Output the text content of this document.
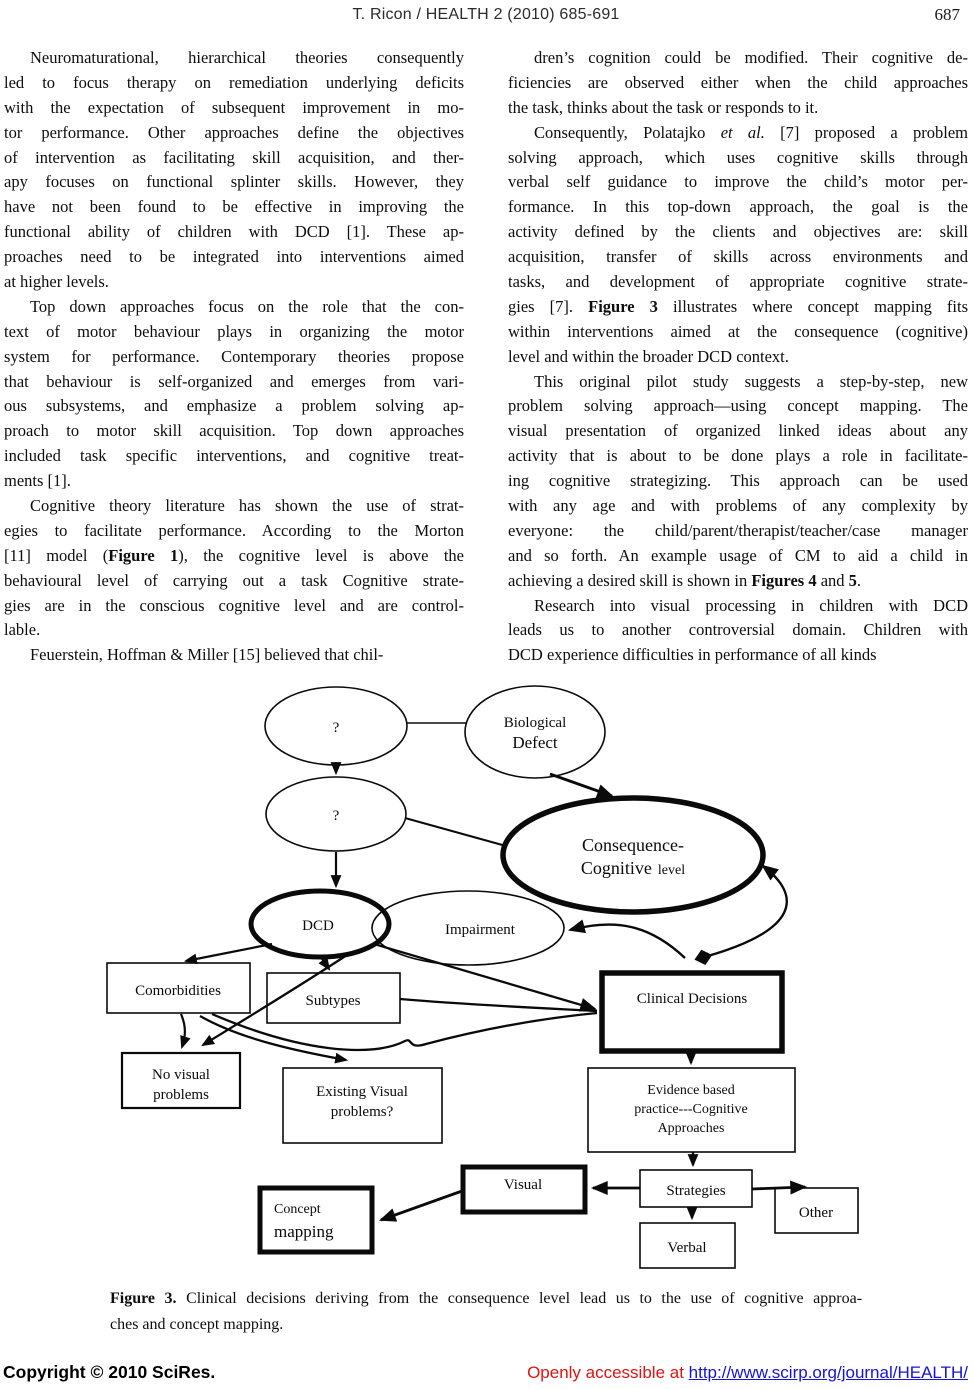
T. Ricon / HEALTH 2 (2010) 685-691	687
Neuromaturational, hierarchical theories consequently
led to focus therapy on remediation underlying deficits
with the expectation of subsequent improvement in mo-
tor performance. Other approaches define the objectives
of intervention as facilitating skill acquisition, and ther-
apy focuses on functional splinter skills. However, they
have not been found to be effective in improving the
functional ability of children with DCD [1]. These ap-
proaches need to be integrated into interventions aimed
at higher levels.
Top down approaches focus on the role that the con-
text of motor behaviour plays in organizing the motor
system for performance. Contemporary theories propose
that behaviour is self-organized and emerges from vari-
ous subsystems, and emphasize a problem solving ap-
proach to motor skill acquisition. Top down approaches
included task specific interventions, and cognitive treat-
ments [1].
Cognitive theory literature has shown the use of strat-
egies to facilitate performance. According to the Morton
[11] model (Figure 1), the cognitive level is above the
behavioural level of carrying out a task Cognitive strate-
gies are in the conscious cognitive level and are control-
lable.
Feuerstein, Hoffman & Miller [15] believed that chil-
dren’s cognition could be modified. Their cognitive de-
ficiencies are observed either when the child approaches
the task, thinks about the task or responds to it.
Consequently, Polatajko et al. [7] proposed a problem
solving approach, which uses cognitive skills through
verbal self guidance to improve the child’s motor per-
formance. In this top-down approach, the goal is the
activity defined by the clients and objectives are: skill
acquisition, transfer of skills across environments and
tasks, and development of appropriate cognitive strate-
gies [7]. Figure 3 illustrates where concept mapping fits
within interventions aimed at the consequence (cognitive)
level and within the broader DCD context.
This original pilot study suggests a step-by-step, new
problem solving approach—using concept mapping. The
visual presentation of organized linked ideas about any
activity that is about to be done plays a role in facilitate-
ing cognitive strategizing. This approach can be used
with any age and with problems of any complexity by
everyone: the child/parent/therapist/teacher/case manager
and so forth. An example usage of CM to aid a child in
achieving a desired skill is shown in Figures 4 and 5.
Research into visual processing in children with DCD
leads us to another controversial domain. Children with
DCD experience difficulties in performance of all kinds
?	Biological
Defect
?
Consequence-
Cognitive level
DCD	Impairment
Comorbidities
Subtypes	Clinical Decisions
No visual
problems	Existing Visual
problems?
Evidence based
practice---Cognitive
Approaches
Visual	Strategies
Other
Verbal
Concept
mapping
Figure 3. Clinical decisions deriving from the consequence level lead us to the use of cognitive approa-
ches and concept mapping.
Copyright © 2010 SciRes.	Openly accessible at http://www.scirp.org/journal/HEALTH/
